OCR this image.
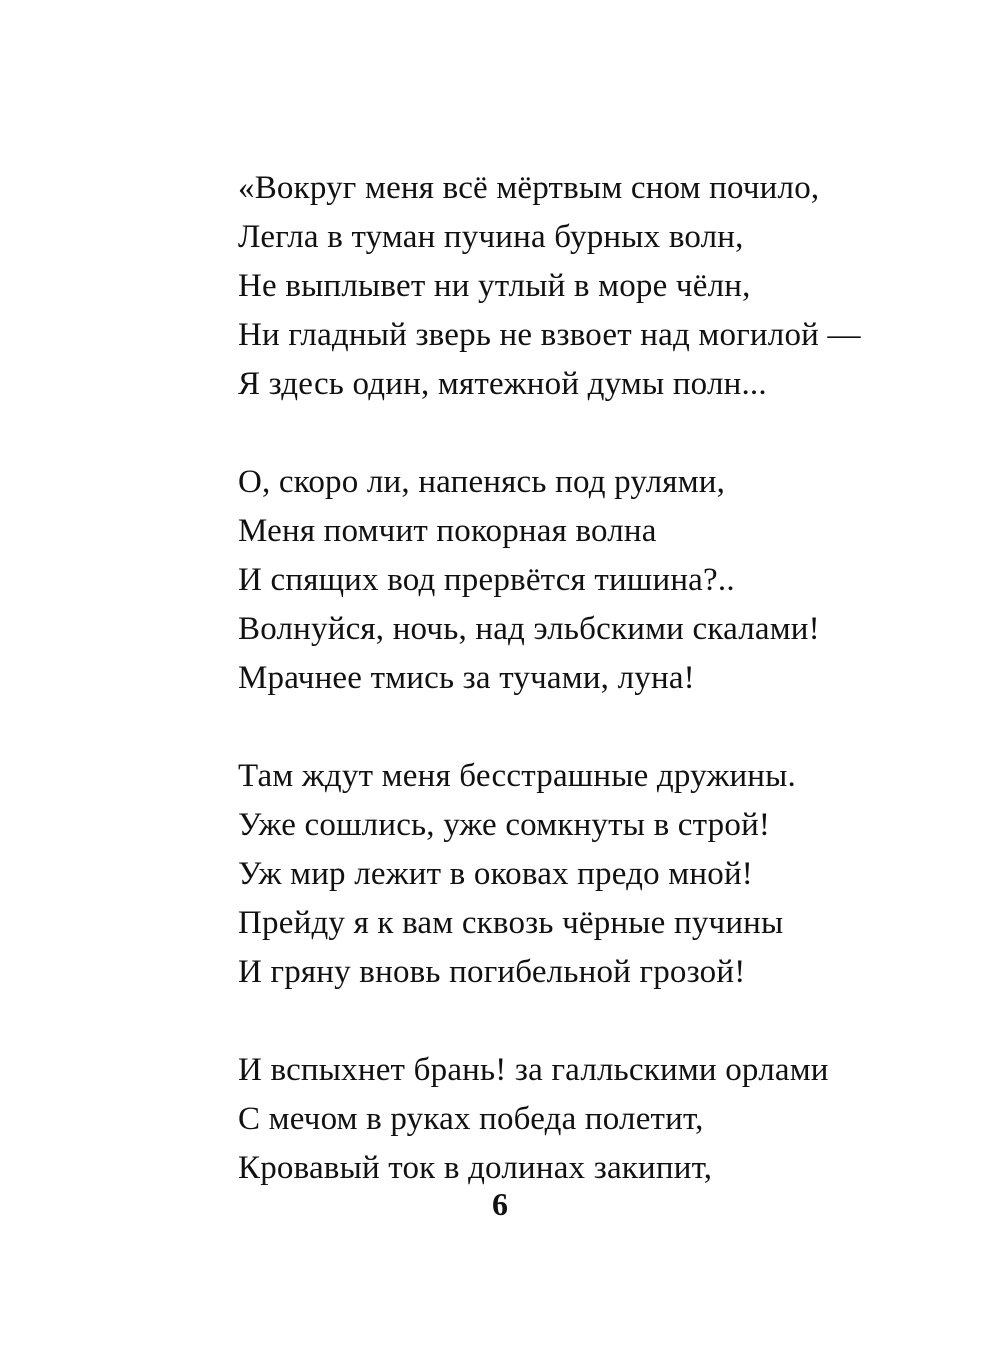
«Вокруг меня всё мёртвым сном почило,
Легла в туман пучина бурных волн,
Не выплывет ни утлый в море чёлн,
Ни гладный зверь не взвоет над могилой —
Я здесь один, мятежной думы полн...
О, скоро ли, напенясь под рулями,
Меня помчит покорная волна
И спящих вод прервётся тишина?..
Волнуйся, ночь, над эльбскими скалами!
Мрачнее тмись за тучами, луна!
Там ждут меня бесстрашные дружины.
Уже сошлись, уже сомкнуты в строй!
Уж мир лежит в оковах предо мной!
Прейду я к вам сквозь чёрные пучины
И гряну вновь погибельной грозой!
И вспыхнет брань! за галльскими орлами
С мечом в руках победа полетит,
Кровавый ток в долинах закипит,
6
